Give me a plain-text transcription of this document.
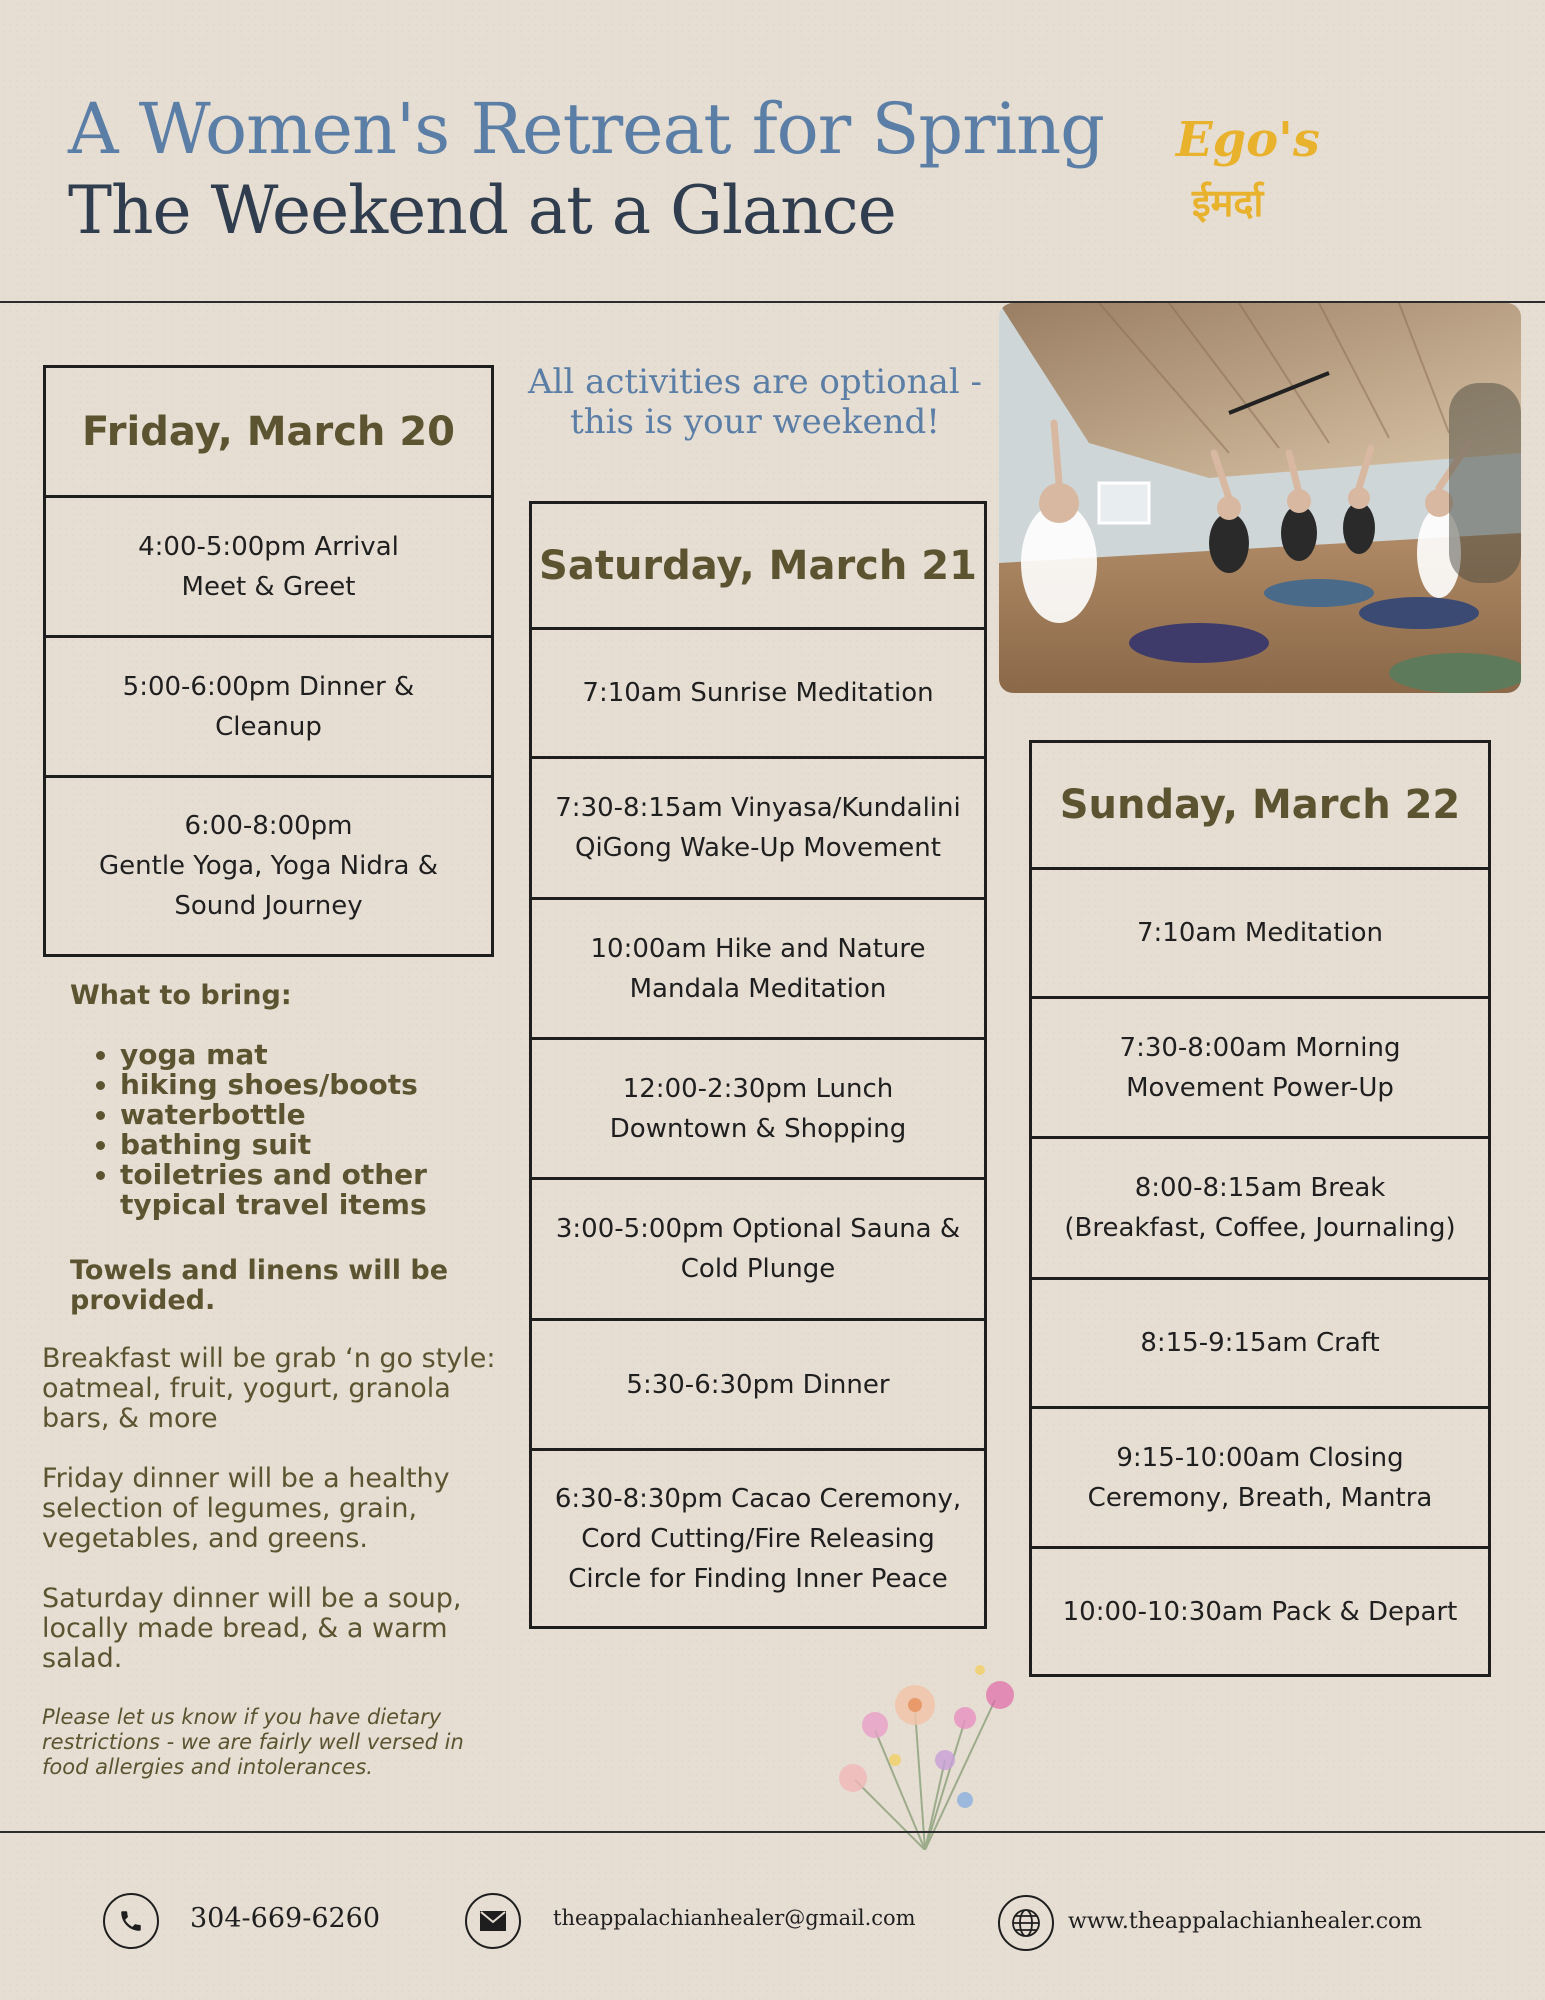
A Women's Retreat for Spring
The Weekend at a Glance
Ego's
ईमर्दा
Friday, March 20
4:00-5:00pm Arrival
Meet & Greet
5:00-6:00pm Dinner &
Cleanup
6:00-8:00pm
Gentle Yoga, Yoga Nidra &
Sound Journey
All activities are optional - this is your weekend!
Saturday, March 21
7:10am Sunrise Meditation
7:30-8:15am Vinyasa/Kundalini
QiGong Wake-Up Movement
10:00am Hike and Nature
Mandala Meditation
12:00-2:30pm Lunch
Downtown & Shopping
3:00-5:00pm Optional Sauna &
Cold Plunge
5:30-6:30pm Dinner
6:30-8:30pm Cacao Ceremony,
Cord Cutting/Fire Releasing
Circle for Finding Inner Peace
Sunday, March 22
7:10am Meditation
7:30-8:00am Morning
Movement Power-Up
8:00-8:15am Break
(Breakfast, Coffee, Journaling)
8:15-9:15am Craft
9:15-10:00am Closing
Ceremony, Breath, Mantra
10:00-10:30am Pack & Depart
What to bring:
• yoga mat
• hiking shoes/boots
• waterbottle
• bathing suit
• toiletries and other typical travel items
Towels and linens will be provided.
Breakfast will be grab ‘n go style: oatmeal, fruit, yogurt, granola bars, & more
Friday dinner will be a healthy selection of legumes, grain, vegetables, and greens.
Saturday dinner will be a soup, locally made bread, & a warm salad.
Please let us know if you have dietary restrictions - we are fairly well versed in food allergies and intolerances.
304-669-6260	theappalachianhealer@gmail.com	www.theappalachianhealer.com
